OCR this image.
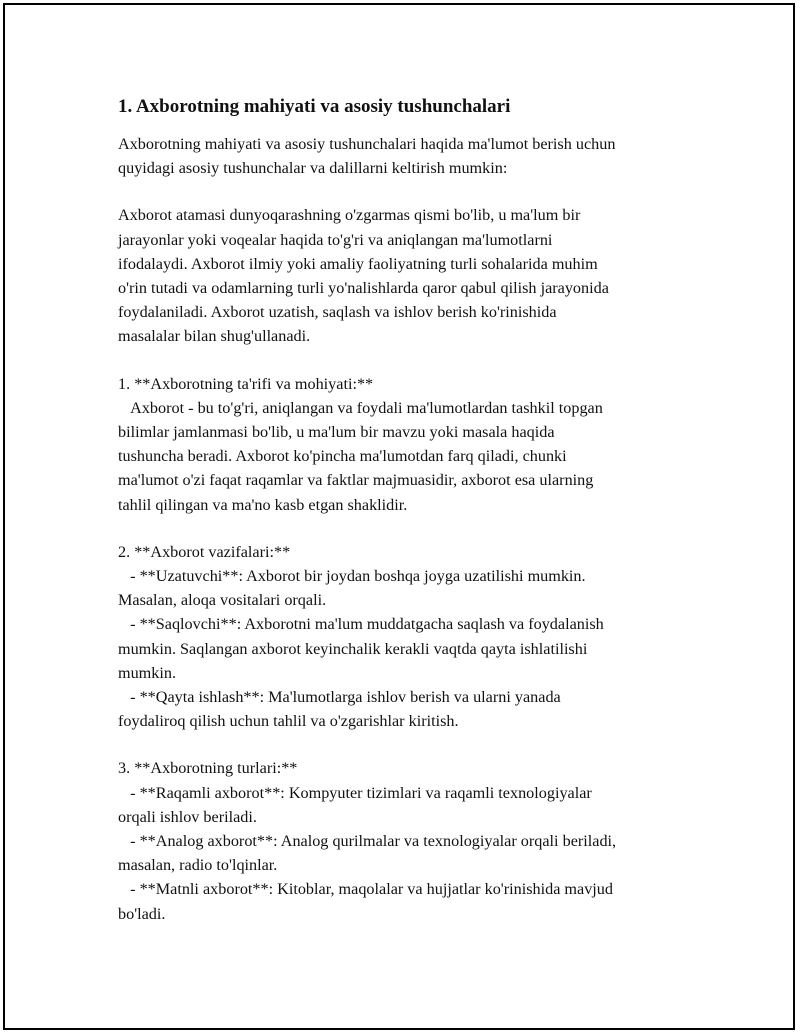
1. Axborotning mahiyati va asosiy tushunchalari

Axborotning mahiyati va asosiy tushunchalari haqida ma'lumot berish uchun
quyidagi asosiy tushunchalar va dalillarni keltirish mumkin:

Axborot atamasi dunyoqarashning o'zgarmas qismi bo'lib, u ma'lum bir
jarayonlar yoki voqealar haqida to'g'ri va aniqlangan ma'lumotlarni
ifodalaydi. Axborot ilmiy yoki amaliy faoliyatning turli sohalarida muhim
o'rin tutadi va odamlarning turli yo'nalishlarda qaror qabul qilish jarayonida
foydalaniladi. Axborot uzatish, saqlash va ishlov berish ko'rinishida
masalalar bilan shug'ullanadi.

1. **Axborotning ta'rifi va mohiyati:**
Axborot - bu to'g'ri, aniqlangan va foydali ma'lumotlardan tashkil topgan
bilimlar jamlanmasi bo'lib, u ma'lum bir mavzu yoki masala haqida
tushuncha beradi. Axborot ko'pincha ma'lumotdan farq qiladi, chunki
ma'lumot o'zi faqat raqamlar va faktlar majmuasidir, axborot esa ularning
tahlil qilingan va ma'no kasb etgan shaklidir.

2. **Axborot vazifalari:**
- **Uzatuvchi**: Axborot bir joydan boshqa joyga uzatilishi mumkin.
Masalan, aloqa vositalari orqali.
- **Saqlovchi**: Axborotni ma'lum muddatgacha saqlash va foydalanish
mumkin. Saqlangan axborot keyinchalik kerakli vaqtda qayta ishlatilishi
mumkin.
- **Qayta ishlash**: Ma'lumotlarga ishlov berish va ularni yanada
foydaliroq qilish uchun tahlil va o'zgarishlar kiritish.

3. **Axborotning turlari:**
- **Raqamli axborot**: Kompyuter tizimlari va raqamli texnologiyalar
orqali ishlov beriladi.
- **Analog axborot**: Analog qurilmalar va texnologiyalar orqali beriladi,
masalan, radio to'lqinlar.
- **Matnli axborot**: Kitoblar, maqolalar va hujjatlar ko'rinishida mavjud
bo'ladi.
